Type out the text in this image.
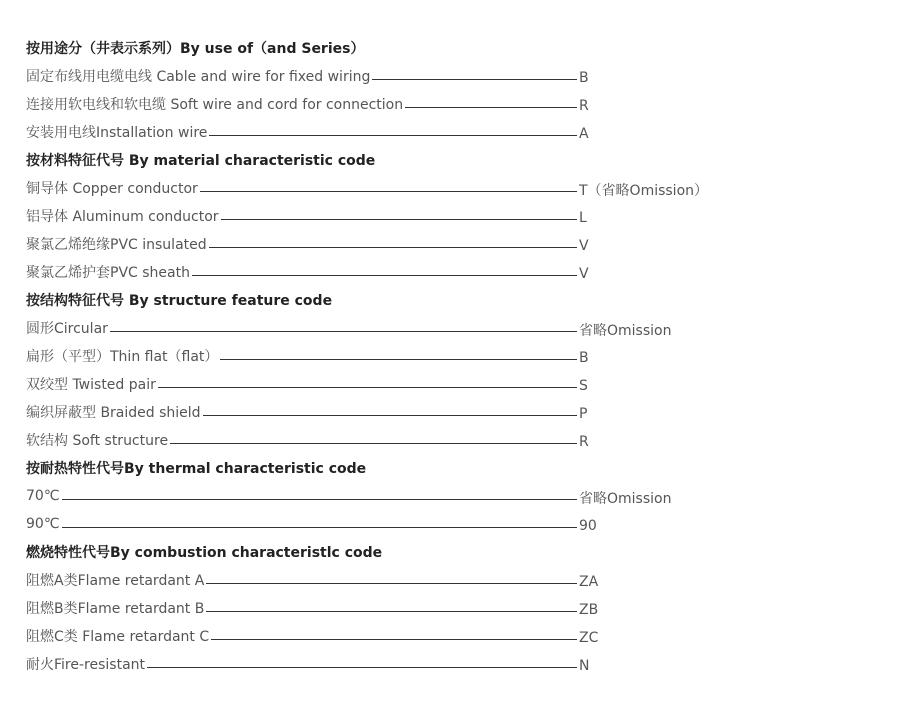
按用途分（井表示系列）By use of（and Series）
固定布线用电缆电线 Cable and wire for fixed wiring	B
连接用软电线和软电缆 Soft wire and cord for connection	R
安装用电线Installation wire	A
按材料特征代号 By material characteristic code
铜导体 Copper conductor	T（省略Omission）
铝导体 Aluminum conductor	L
聚氯乙烯绝缘PVC insulated	V
聚氯乙烯护套PVC sheath	V
按结构特征代号 By structure feature code
圆形Circular	省略Omission
扁形（平型）Thin flat（flat）	B
双绞型 Twisted pair	S
编织屏蔽型 Braided shield	P
软结构 Soft structure	R
按耐热特性代号By thermal characteristic code
70℃	省略Omission
90℃	90
燃烧特性代号By combustion characteristlc code
阻燃A类Flame retardant A	ZA
阻燃B类Flame retardant B	ZB
阻燃C类 Flame retardant C	ZC
耐火Fire-resistant	N
